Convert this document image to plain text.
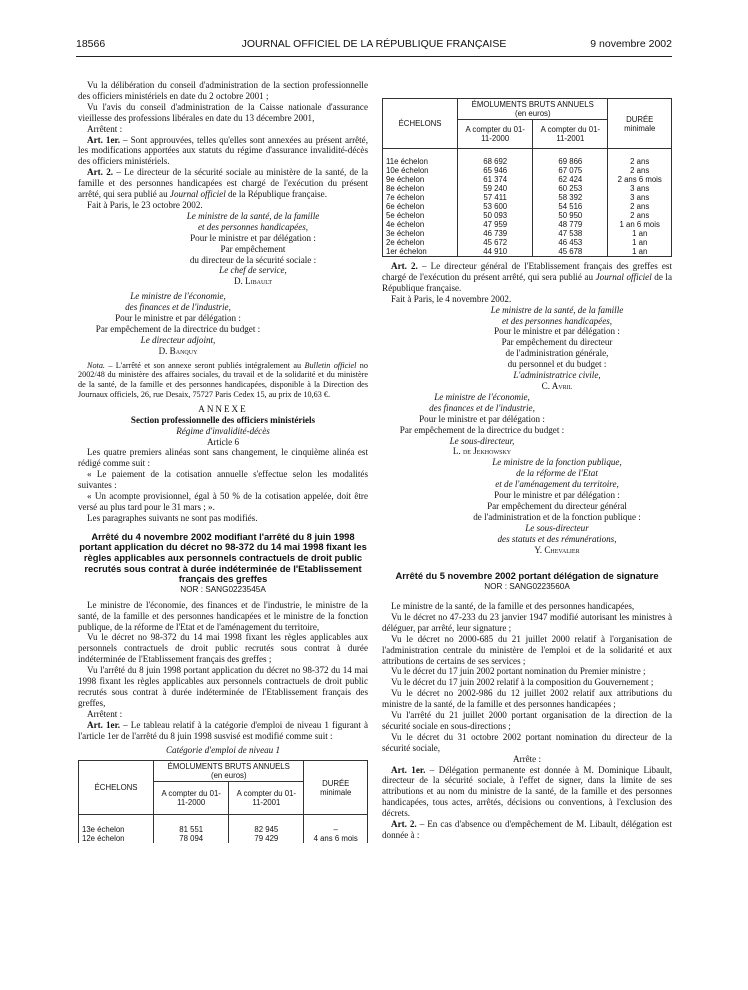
18566	JOURNAL OFFICIEL DE LA RÉPUBLIQUE FRANÇAISE	9 novembre 2002

Vu la délibération du conseil d'administration de la section professionnelle des officiers ministériels en date du 2 octobre 2001 ;

Vu l'avis du conseil d'administration de la Caisse nationale d'assurance vieillesse des professions libérales en date du 13 décembre 2001,

Arrêtent :

Art. 1er. – Sont approuvées, telles qu'elles sont annexées au présent arrêté, les modifications apportées aux statuts du régime d'assurance invalidité-décès des officiers ministériels.

Art. 2. – Le directeur de la sécurité sociale au ministère de la santé, de la famille et des personnes handicapées est chargé de l'exécution du présent arrêté, qui sera publié au Journal officiel de la République française.

Fait à Paris, le 23 octobre 2002.

Le ministre de la santé, de la famille
et des personnes handicapées,
Pour le ministre et par délégation :
Par empêchement
du directeur de la sécurité sociale :
Le chef de service,
D. Libault
Le ministre de l'économie,
des finances et de l'industrie,
Pour le ministre et par délégation :
Par empêchement de la directrice du budget :
Le directeur adjoint,
D. Banquy

Nota. – L'arrêté et son annexe seront publiés intégralement au Bulletin officiel no 2002/48 du ministère des affaires sociales, du travail et de la solidarité et du ministère de la santé, de la famille et des personnes handicapées, disponible à la Direction des Journaux officiels, 26, rue Desaix, 75727 Paris Cedex 15, au prix de 10,63 €.

ANNEXE

Section professionnelle des officiers ministériels

Régime d'invalidité-décès

Article 6

Les quatre premiers alinéas sont sans changement, le cinquième alinéa est rédigé comme suit :

« Le paiement de la cotisation annuelle s'effectue selon les modalités suivantes :

« Un acompte provisionnel, égal à 50 % de la cotisation appelée, doit être versé au plus tard pour le 31 mars ; ».

Les paragraphes suivants ne sont pas modifiés.

Arrêté du 4 novembre 2002 modifiant l'arrêté du 8 juin 1998 portant application du décret no 98-372 du 14 mai 1998 fixant les règles applicables aux personnels contractuels de droit public recrutés sous contrat à durée indéterminée de l'Etablissement français des greffes

NOR : SANG0223545A

Le ministre de l'économie, des finances et de l'industrie, le ministre de la santé, de la famille et des personnes handicapées et le ministre de la fonction publique, de la réforme de l'Etat et de l'aménagement du territoire,

Vu le décret no 98-372 du 14 mai 1998 fixant les règles applicables aux personnels contractuels de droit public recrutés sous contrat à durée indéterminée de l'Etablissement français des greffes ;

Vu l'arrêté du 8 juin 1998 portant application du décret no 98-372 du 14 mai 1998 fixant les règles applicables aux personnels contractuels de droit public recrutés sous contrat à durée indéterminée de l'Etablissement français des greffes,

Arrêtent :

Art. 1er. – Le tableau relatif à la catégorie d'emploi de niveau 1 figurant à l'article 1er de l'arrêté du 8 juin 1998 susvisé est modifié comme suit :

Catégorie d'emploi de niveau 1

ÉCHELONS	ÉMOLUMENTS BRUTS ANNUELS
(en euros)		DURÉE
minimale
	A compter du 01-11-2000	A compter du 01-11-2001	

13e échelon	81 551	82 945	–
12e échelon	78 094	79 429	4 ans 6 mois
ÉCHELONS	ÉMOLUMENTS BRUTS ANNUELS
(en euros)		DURÉE
minimale
	A compter du 01-11-2000	A compter du 01-11-2001	

11e échelon	68 692	69 866	2 ans
10e échelon	65 946	67 075	2 ans
9e échelon	61 374	62 424	2 ans 6 mois
8e échelon	59 240	60 253	3 ans
7e échelon	57 411	58 392	3 ans
6e échelon	53 600	54 516	2 ans
5e échelon	50 093	50 950	2 ans
4e échelon	47 959	48 779	1 an 6 mois
3e échelon	46 739	47 538	1 an
2e échelon	45 672	46 453	1 an
1er échelon	44 910	45 678	1 an

Art. 2. – Le directeur général de l'Etablissement français des greffes est chargé de l'exécution du présent arrêté, qui sera publié au Journal officiel de la République française.

Fait à Paris, le 4 novembre 2002.

Le ministre de la santé, de la famille
et des personnes handicapées,
Pour le ministre et par délégation :
Par empêchement du directeur
de l'administration générale,
du personnel et du budget :
L'administratrice civile,
C. Avril
Le ministre de l'économie,
des finances et de l'industrie,
Pour le ministre et par délégation :
Par empêchement de la directrice du budget :
Le sous-directeur,
L. de Jekhowsky
Le ministre de la fonction publique,
de la réforme de l'Etat
et de l'aménagement du territoire,
Pour le ministre et par délégation :
Par empêchement du directeur général
de l'administration et de la fonction publique :
Le sous-directeur
des statuts et des rémunérations,
Y. Chevalier

Arrêté du 5 novembre 2002 portant délégation de signature

NOR : SANG0223560A

Le ministre de la santé, de la famille et des personnes handicapées,

Vu le décret no 47-233 du 23 janvier 1947 modifié autorisant les ministres à déléguer, par arrêté, leur signature ;

Vu le décret no 2000-685 du 21 juillet 2000 relatif à l'organisation de l'administration centrale du ministère de l'emploi et de la solidarité et aux attributions de certains de ses services ;

Vu le décret du 17 juin 2002 portant nomination du Premier ministre ;

Vu le décret du 17 juin 2002 relatif à la composition du Gouvernement ;

Vu le décret no 2002-986 du 12 juillet 2002 relatif aux attributions du ministre de la santé, de la famille et des personnes handicapées ;

Vu l'arrêté du 21 juillet 2000 portant organisation de la direction de la sécurité sociale en sous-directions ;

Vu le décret du 31 octobre 2002 portant nomination du directeur de la sécurité sociale,

Arrête :

Art. 1er. – Délégation permanente est donnée à M. Dominique Libault, directeur de la sécurité sociale, à l'effet de signer, dans la limite de ses attributions et au nom du ministre de la santé, de la famille et des personnes handicapées, tous actes, arrêtés, décisions ou conventions, à l'exclusion des décrets.

Art. 2. – En cas d'absence ou d'empêchement de M. Libault, délégation est donnée à :
